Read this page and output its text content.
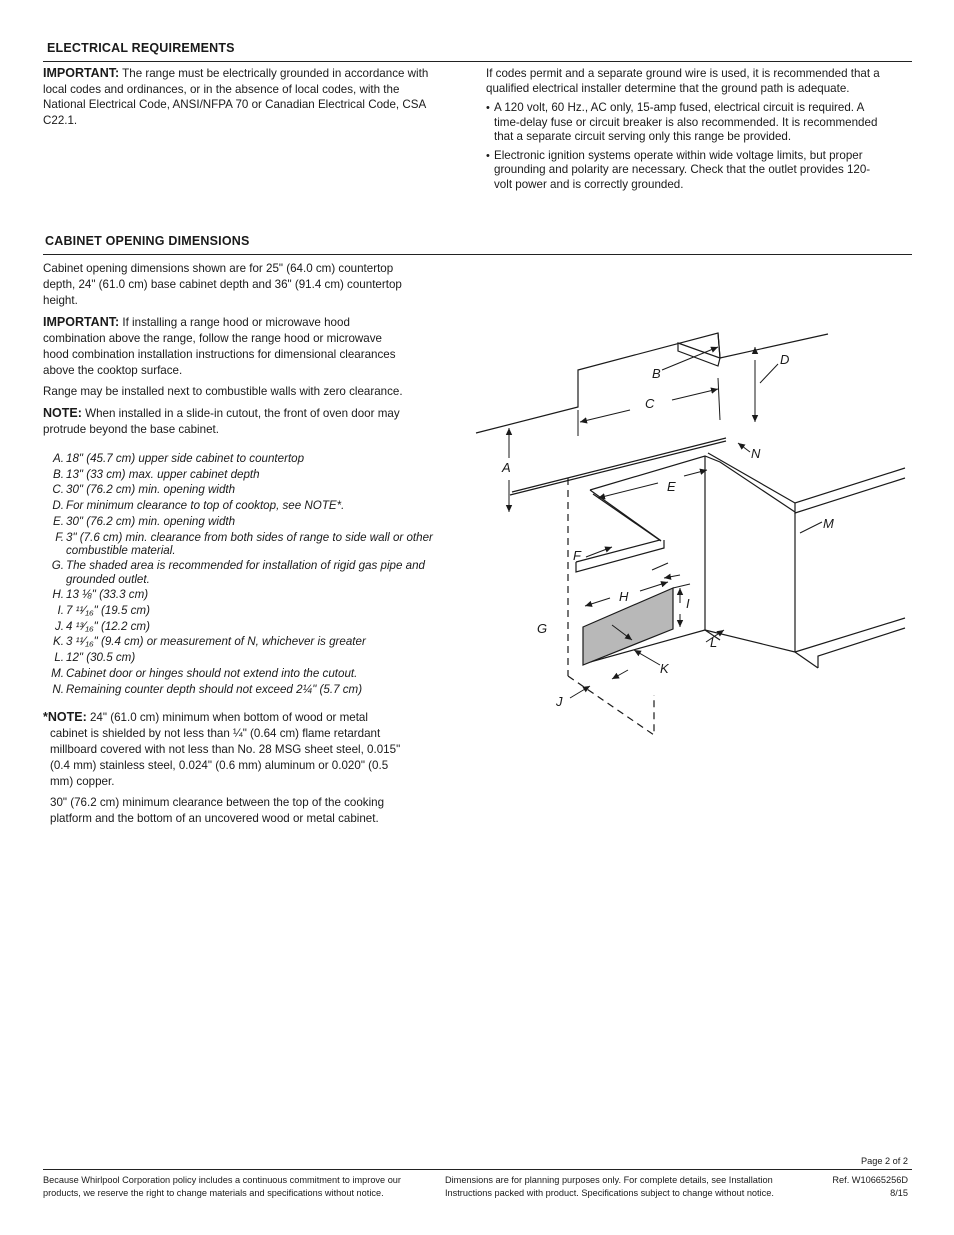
ELECTRICAL REQUIREMENTS

IMPORTANT: The range must be electrically grounded in accordance with local codes and ordinances, or in the absence of local codes, with the National Electrical Code, ANSI/NFPA 70 or Canadian Electrical Code, CSA C22.1.

If codes permit and a separate ground wire is used, it is recommended that a qualified electrical installer determine that the ground path is adequate.

• A 120 volt, 60 Hz., AC only, 15-amp fused, electrical circuit is required. A time-delay fuse or circuit breaker is also recommended. It is recommended that a separate circuit serving only this range be provided.
• Electronic ignition systems operate within wide voltage limits, but proper grounding and polarity are necessary. Check that the outlet provides 120-volt power and is correctly grounded.
CABINET OPENING DIMENSIONS

Cabinet opening dimensions shown are for 25" (64.0 cm) countertop depth, 24" (61.0 cm) base cabinet depth and 36" (91.4 cm) countertop height.

IMPORTANT: If installing a range hood or microwave hood combination above the range, follow the range hood or microwave hood combination installation instructions for dimensional clearances above the cooktop surface.

Range may be installed next to combustible walls with zero clearance.

NOTE: When installed in a slide-in cutout, the front of oven door may protrude beyond the base cabinet.

A. 18" (45.7 cm) upper side cabinet to countertop
B. 13" (33 cm) max. upper cabinet depth
C. 30" (76.2 cm) min. opening width
D. For minimum clearance to top of cooktop, see NOTE*.
E. 30" (76.2 cm) min. opening width
F. 3" (7.6 cm) min. clearance from both sides of range to side wall or other combustible material.
G. The shaded area is recommended for installation of rigid gas pipe and grounded outlet.
H. 13 ⅛" (33.3 cm)
I. 7 ¹¹⁄₁₆" (19.5 cm)
J. 4 ¹³⁄₁₆" (12.2 cm)
K. 3 ¹¹⁄₁₆" (9.4 cm) or measurement of N, whichever is greater
L. 12" (30.5 cm)
M. Cabinet door or hinges should not extend into the cutout.
N. Remaining counter depth should not exceed 2¼" (5.7 cm)

*NOTE: 24" (61.0 cm) minimum when bottom of wood or metal cabinet is shielded by not less than ¼" (0.64 cm) flame retardant millboard covered with not less than No. 28 MSG sheet steel, 0.015" (0.4 mm) stainless steel, 0.024" (0.6 mm) aluminum or 0.020" (0.5 mm) copper.

30" (76.2 cm) minimum clearance between the top of the cooking platform and the bottom of an uncovered wood or metal cabinet.

A
B
C
D
E
F
G
H	I
J
K
L
M
N
Page 2 of 2
Because Whirlpool Corporation policy includes a continuous commitment to improve our products, we reserve the right to change materials and specifications without notice.
Dimensions are for planning purposes only. For complete details, see Installation Instructions packed with product. Specifications subject to change without notice.
Ref. W10665256D
8/15
